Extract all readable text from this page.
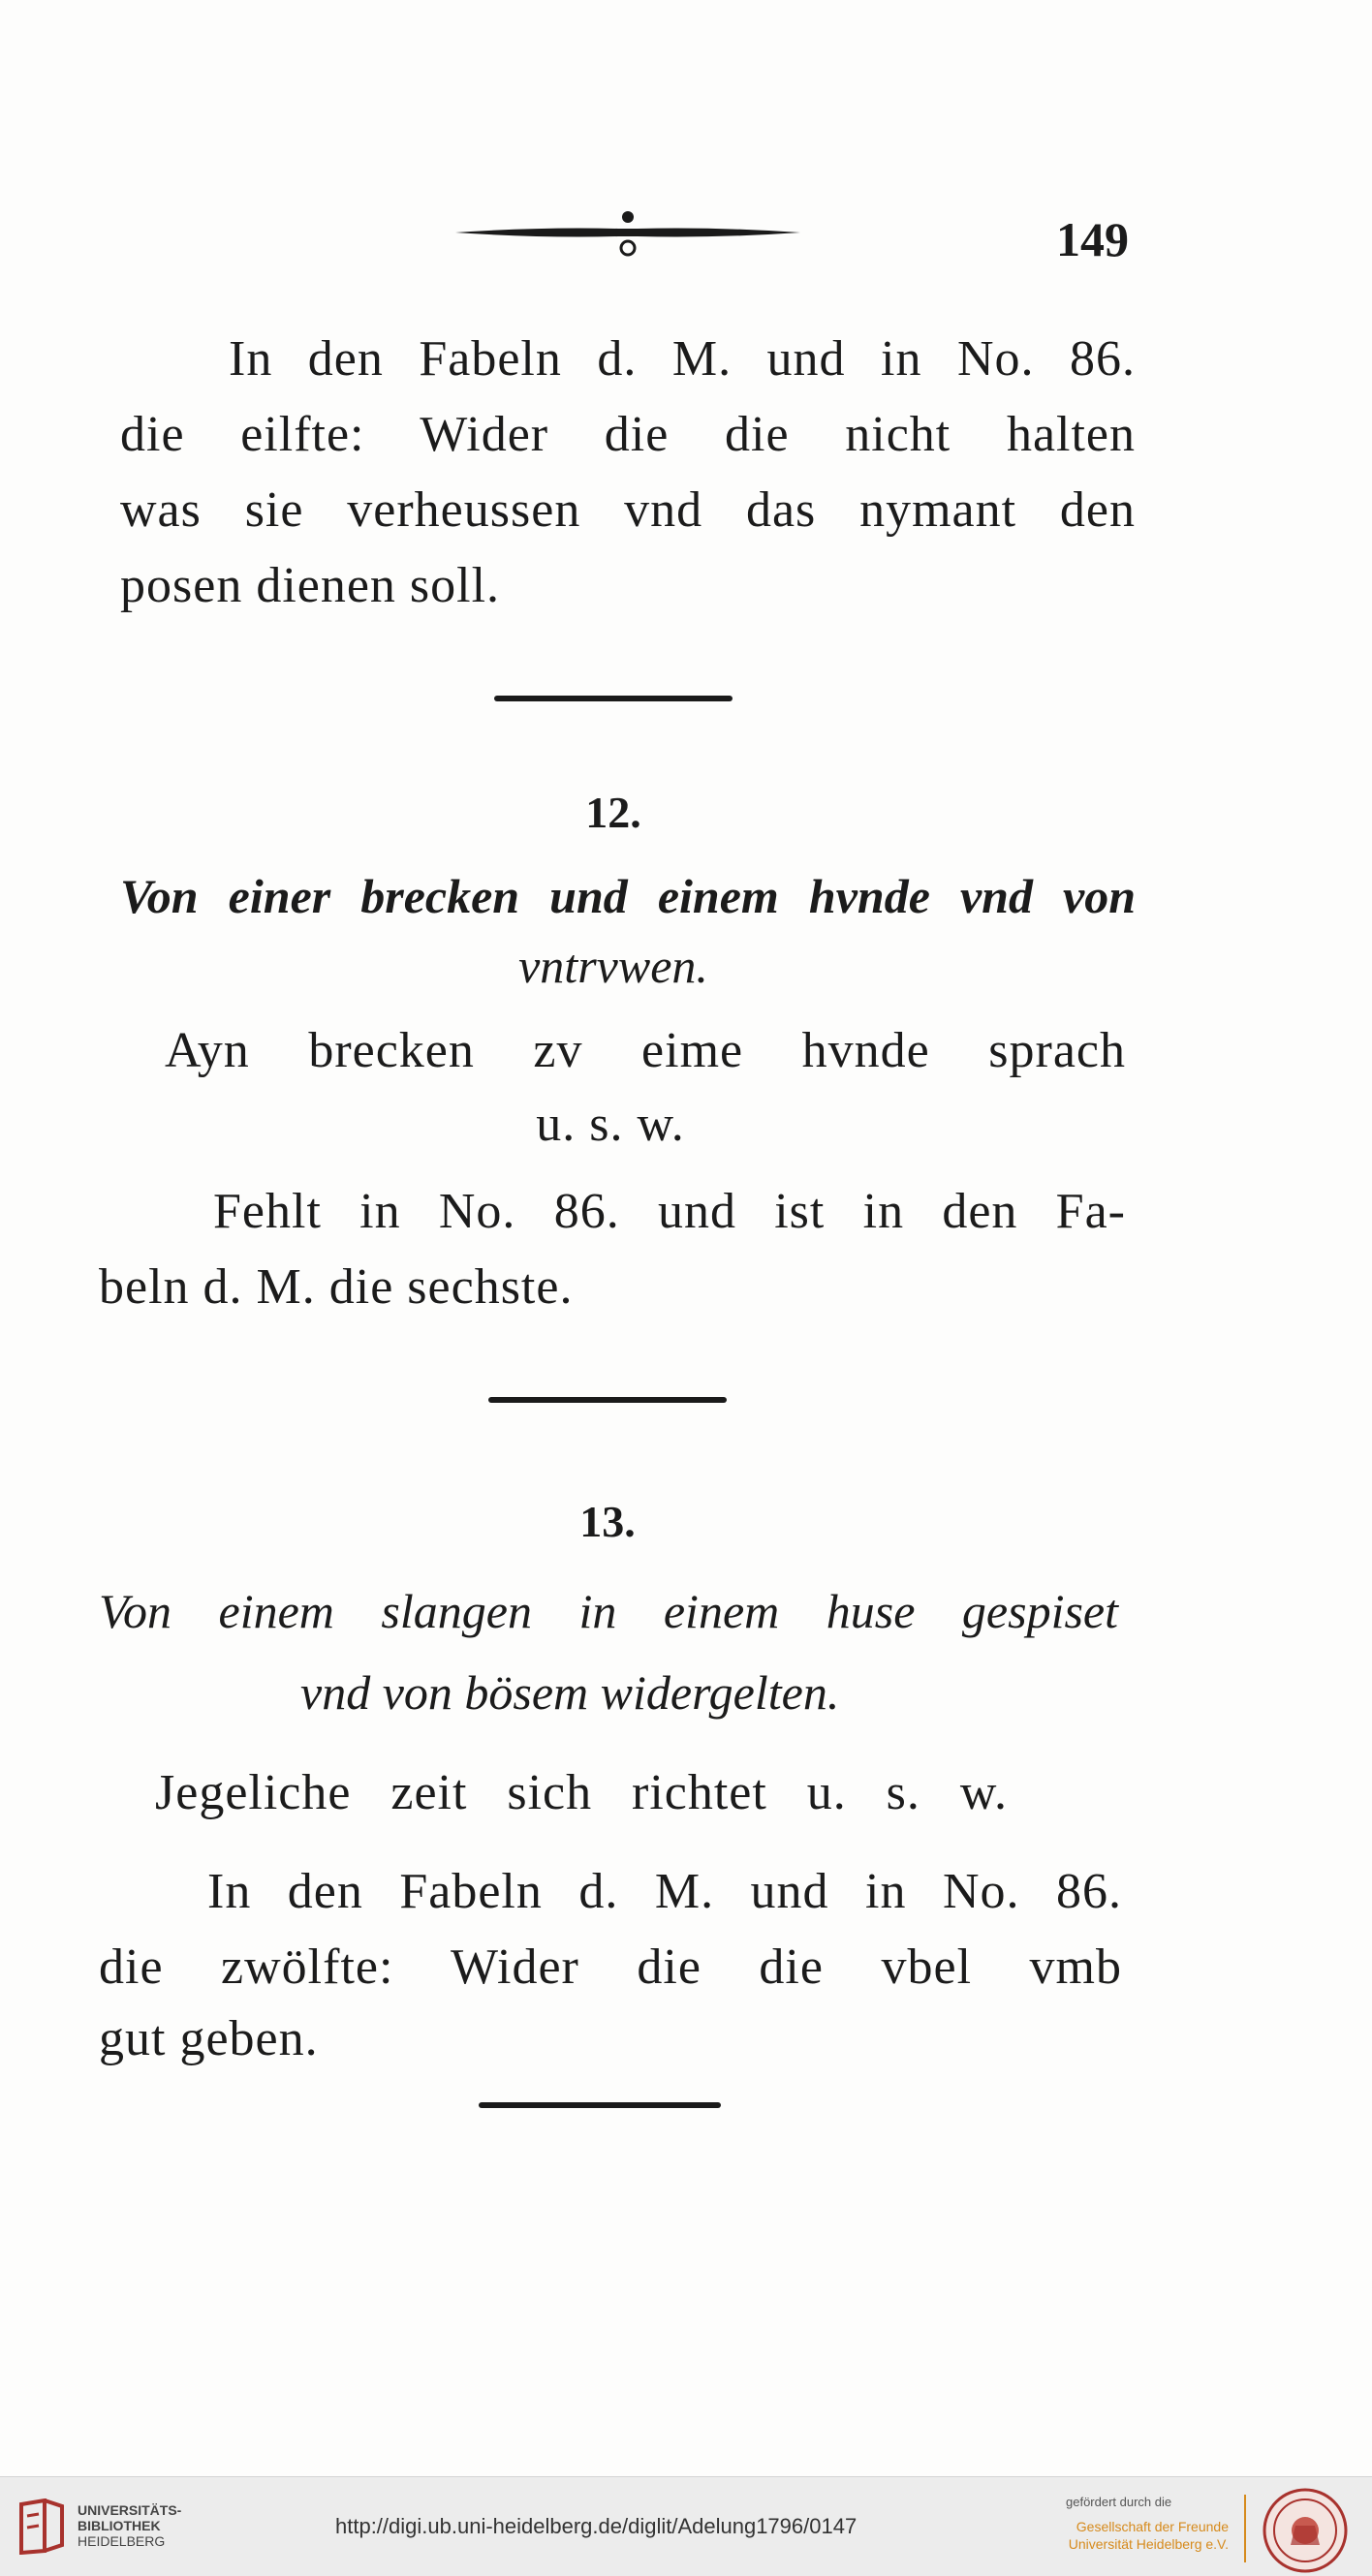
149
In den Fabeln d. M. und in No. 86.
die eilfte: Wider die die nicht halten
was sie verheussen vnd das nymant den
posen dienen soll.
12.
Von einer brecken und einem hvnde vnd von
vntrvwen.
Ayn brecken zv eime hvnde sprach
u. s. w.
Fehlt in No. 86. und ist in den Fa-
beln d. M. die sechste.
13.
Von einem slangen in einem huse gespiset
vnd von bösem widergelten.
Jegeliche zeit sich richtet u. s. w.
In den Fabeln d. M. und in No. 86.
die zwölfte: Wider die die vbel vmb
gut geben.
UNIVERSITÄTS-
BIBLIOTHEK
HEIDELBERG
http://digi.ub.uni-heidelberg.de/diglit/Adelung1796/0147
gefördert durch die
Gesellschaft der Freunde
Universität Heidelberg e.V.
